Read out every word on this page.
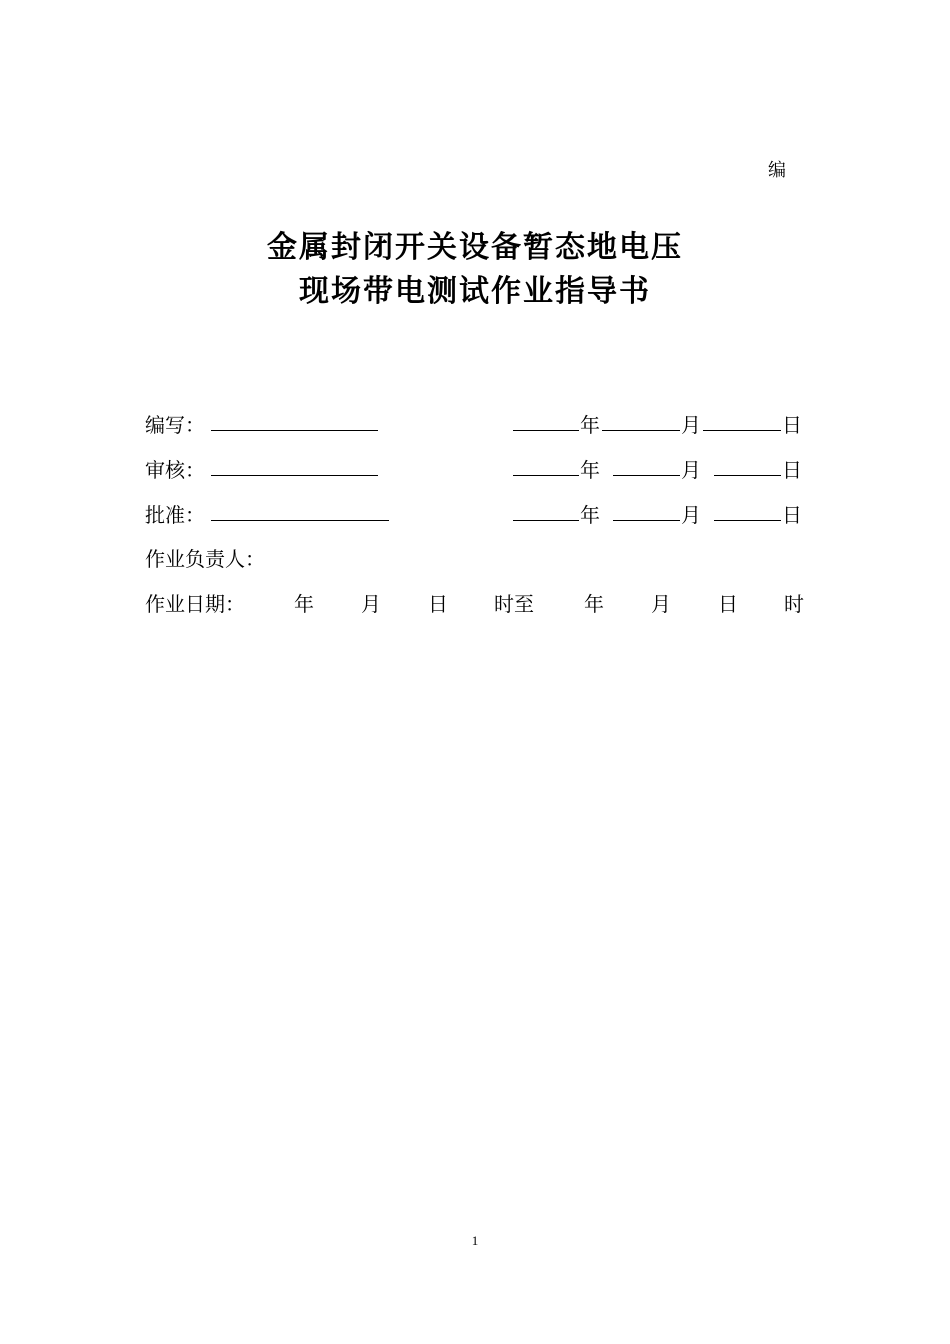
编
金属封闭开关设备暂态地电压
现场带电测试作业指导书
编写：	年	月	日
审核：	年	月	日
批准：	年	月	日
作业负责人：
作业日期： 年 月 日 时至	年 月 日 时
1
